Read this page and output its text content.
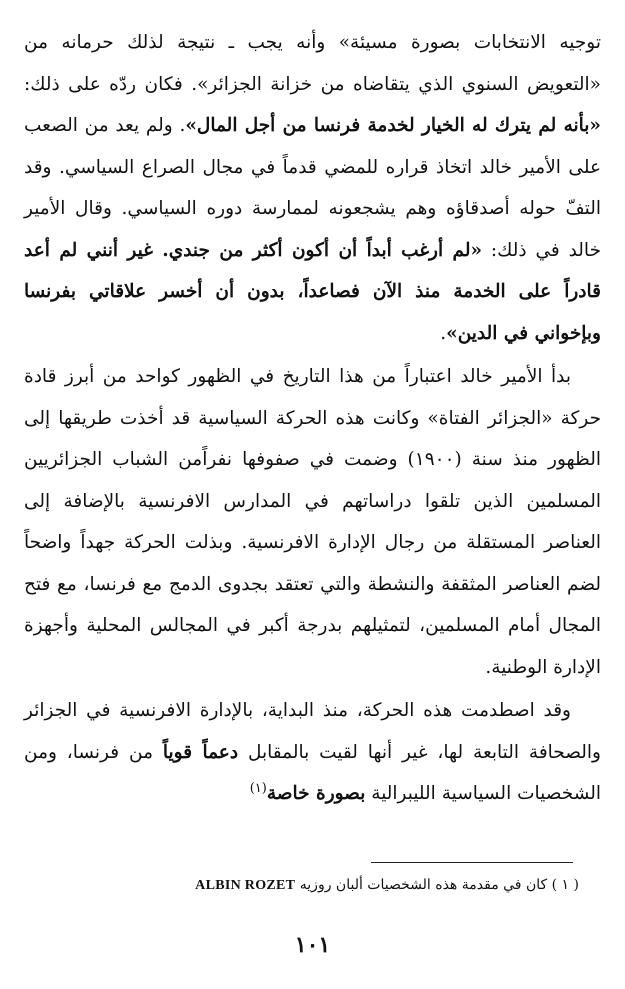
توجيه الانتخابات بصورة مسيئة» وأنه يجب ـ نتيجة لذلك حرمانه من «التعويض السنوي الذي يتقاضاه من خزانة الجزائر». فكان ردّه على ذلك: «بأنه لم يترك له الخيار لخدمة فرنسا من أجل المال». ولم يعد من الصعب على الأمير خالد اتخاذ قراره للمضي قدماً في مجال الصراع السياسي. وقد التفّ حوله أصدقاؤه وهم يشجعونه لممارسة دوره السياسي. وقال الأمير خالد في ذلك: «لم أرغب أبداً أن أكون أكثر من جندي. غير أنني لم أعد قادراً على الخدمة منذ الآن فصاعداً، بدون أن أخسر علاقاتي بفرنسا وبإخواني في الدين».

بدأ الأمير خالد اعتباراً من هذا التاريخ في الظهور كواحد من أبرز قادة حركة «الجزائر الفتاة» وكانت هذه الحركة السياسية قد أخذت طريقها إلى الظهور منذ سنة (١٩٠٠) وضمت في صفوفها نفراًمن الشباب الجزائريين المسلمين الذين تلقوا دراساتهم في المدارس الافرنسية بالإضافة إلى العناصر المستقلة من رجال الإدارة الافرنسية. وبذلت الحركة جهداً واضحاً لضم العناصر المثقفة والنشطة والتي تعتقد بجدوى الدمج مع فرنسا، مع فتح المجال أمام المسلمين، لتمثيلهم بدرجة أكبر في المجالس المحلية وأجهزة الإدارة الوطنية.

وقد اصطدمت هذه الحركة، منذ البداية، بالإدارة الافرنسية في الجزائر والصحافة التابعة لها، غير أنها لقيت بالمقابل دعماً قوياً من فرنسا، ومن الشخصيات السياسية الليبرالية بصورة خاصة$^{(١)}$

( ١ ) كان في مقدمة هذه الشخصيات ألبان روزيه ALBIN ROZET
١٠١
